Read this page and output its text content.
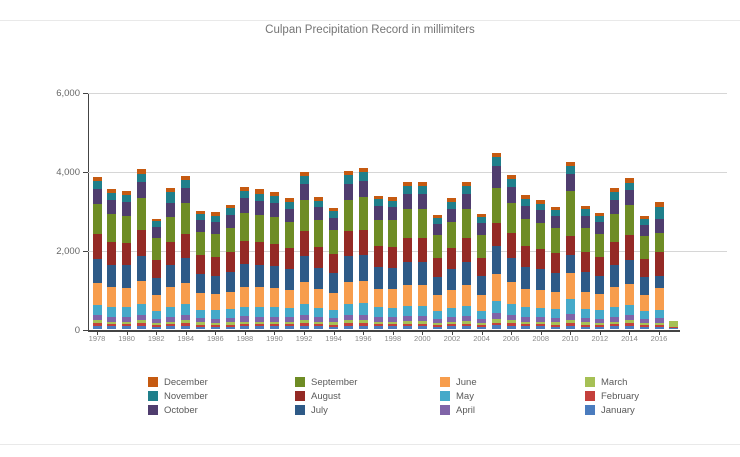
Culpan Precipitation Record in millimiters
0
2,000
4,000
6,000
1978	1980	1982	1984	1986	1988	1990	1992	1994	1996	1998	2000	2002	2004	2006	2008	2010	2012	2014	2016
December
November
October
September
August
July
June
May
April
March
February
January
